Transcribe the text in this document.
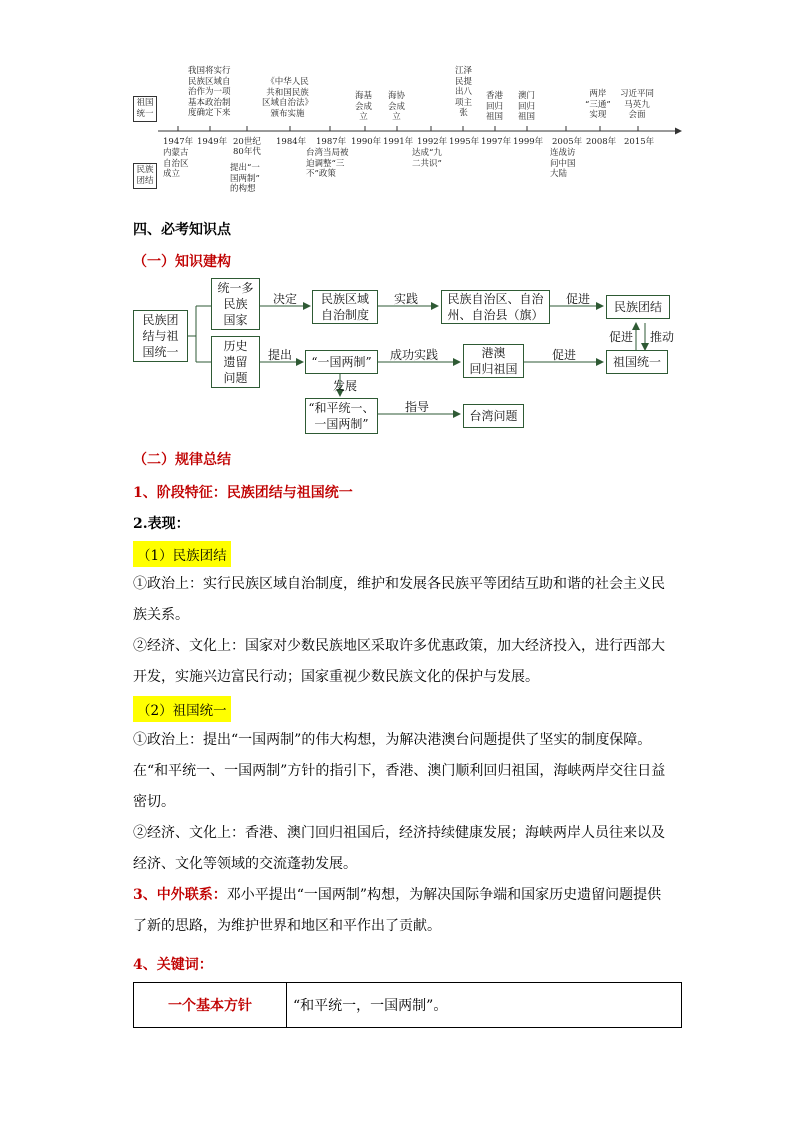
祖国 统一
民族 团结
1947年 1949年 20世纪
80年代
1984年 1987年 1990年 1991年 1992年 1995年 1997年 1999年 2005年 2008年 2015年
我国将实行
民族区域自
治作为一项
基本政治制
度确定下来
《中华人民
共和国民族
区域自治法》
颁布实施
海基
会成
立
海协
会成
立
江泽
民提
出八
项主
张
香港
回归
祖国
澳门
回归
祖国
两岸
“三通”
实现
习近平同
马英九
会面
内蒙古
自治区
成立
提出“一
国两制”
的构想
台湾当局被
迫调整“三
不”政策
达成“九
二共识”
连战访
问中国
大陆
四、必考知识点
（一）知识建构
民族团
结与祖
国统一
统一多
民族
国家
历史
遗留
问题
民族区域
自治制度
民族自治区、自治
州、自治县（旗）
民族团结
“一国两制”
港澳
回归祖国	祖国统一
“和平统一、
一国两制”
台湾问题
决定	实践	促进
提出	成功实践	促进
发展
指导
促进 推动
（二）规律总结
1、阶段特征：民族团结与祖国统一
2.表现：
（1）民族团结
①政治上：实行民族区域自治制度，维护和发展各民族平等团结互助和谐的社会主义民族关系。
②经济、文化上：国家对少数民族地区采取许多优惠政策，加大经济投入，进行西部大开发，实施兴边富民行动；国家重视少数民族文化的保护与发展。
（2）祖国统一
①政治上：提出“一国两制”的伟大构想，为解决港澳台问题提供了坚实的制度保障。在“和平统一、一国两制”方针的指引下，香港、澳门顺利回归祖国，海峡两岸交往日益密切。
②经济、文化上：香港、澳门回归祖国后，经济持续健康发展；海峡两岸人员往来以及经济、文化等领域的交流蓬勃发展。
3、中外联系：邓小平提出“一国两制”构想，为解决国际争端和国家历史遗留问题提供了新的思路，为维护世界和地区和平作出了贡献。
4、关键词：
一个基本方针	“和平统一，一国两制”。
